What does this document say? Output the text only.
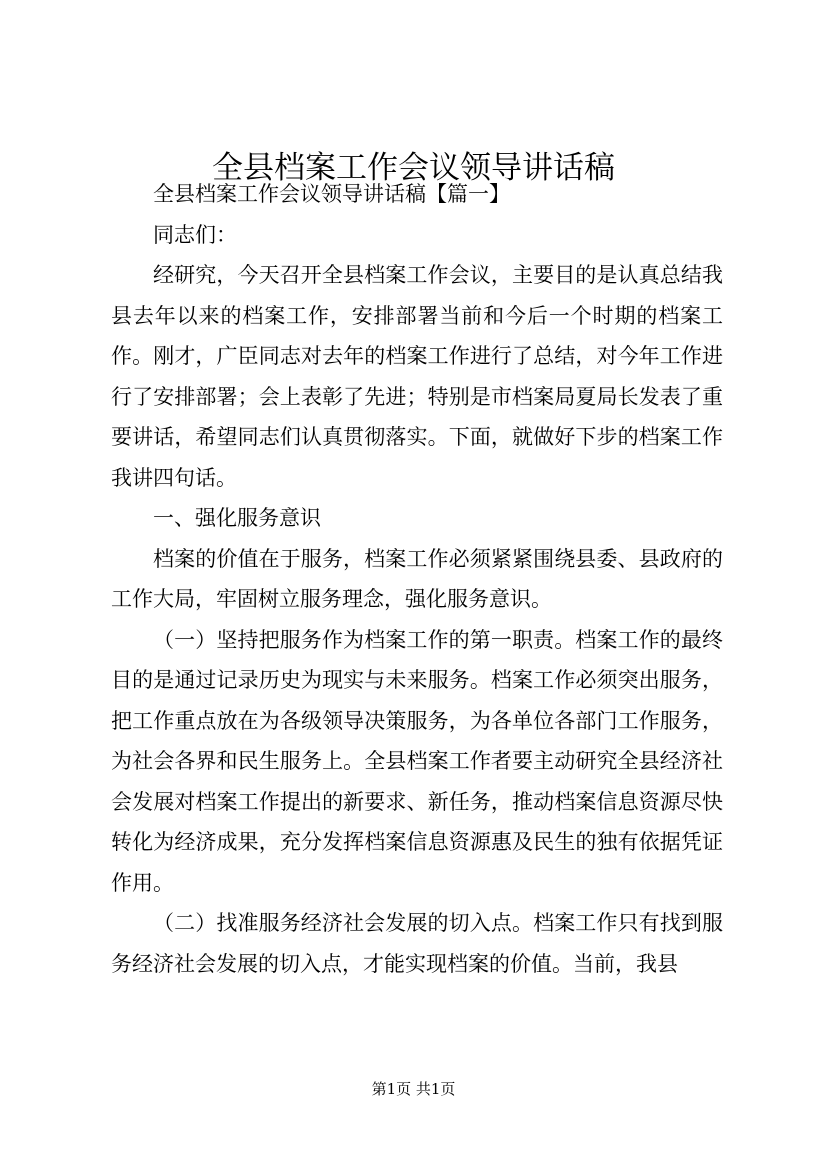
全县档案工作会议领导讲话稿

全县档案工作会议领导讲话稿【篇一】

同志们：

经研究，今天召开全县档案工作会议，主要目的是认真总结我县去年以来的档案工作，安排部署当前和今后一个时期的档案工作。刚才，广臣同志对去年的档案工作进行了总结，对今年工作进行了安排部署；会上表彰了先进；特别是市档案局夏局长发表了重要讲话，希望同志们认真贯彻落实。下面，就做好下步的档案工作我讲四句话。

一、强化服务意识

档案的价值在于服务，档案工作必须紧紧围绕县委、县政府的工作大局，牢固树立服务理念，强化服务意识。

（一）坚持把服务作为档案工作的第一职责。档案工作的最终目的是通过记录历史为现实与未来服务。档案工作必须突出服务，把工作重点放在为各级领导决策服务，为各单位各部门工作服务，为社会各界和民生服务上。全县档案工作者要主动研究全县经济社会发展对档案工作提出的新要求、新任务，推动档案信息资源尽快转化为经济成果，充分发挥档案信息资源惠及民生的独有依据凭证作用。

（二）找准服务经济社会发展的切入点。档案工作只有找到服务经济社会发展的切入点，才能实现档案的价值。当前，我县

第1页 共1页
